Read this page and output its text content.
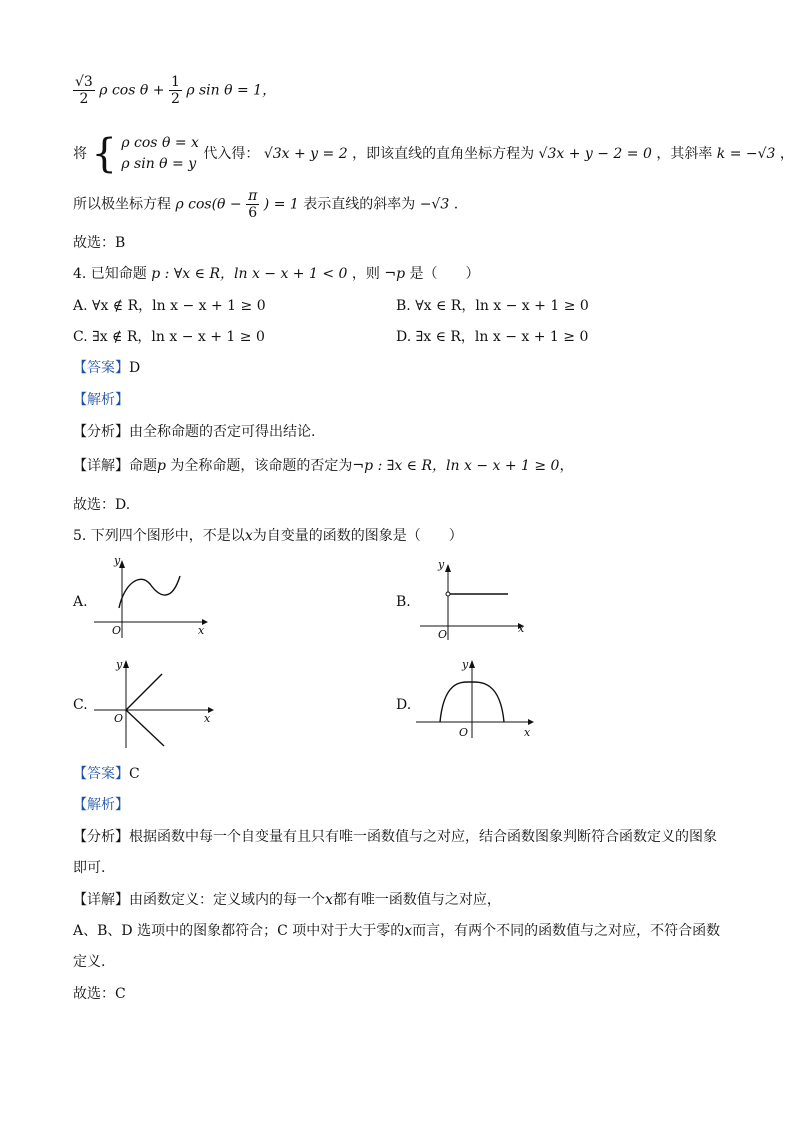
$\frac{√3}{2}$ ρ $\cos \theta + \frac{1}{2}$ ρ sin θ = 1，
将 { ρ cos θ = x
ρ sin θ = y
代入得： √3x + y = 2 ，即该直线的直角坐标方程为 √3x + y − 2 = 0 ，其斜率 k = −√3 ，
所以极坐标方程 ρ $\cos(\theta - \frac{\pi}{6}$ ) = 1 表示直线的斜率为 −√3 .
故选：B
4. 已知命题 p : ∀x ∈ R，ln x − x + 1 < 0 ，则 ¬p 是（　　）
A. ∀x ∉ R，ln x − x + 1 ≥ 0	B. ∀x ∈ R，ln x − x + 1 ≥ 0
C. ∃x ∉ R，ln x − x + 1 ≥ 0	D. ∃x ∈ R，ln x − x + 1 ≥ 0
【答案】D
【解析】
【分析】由全称命题的否定可得出结论.
【详解】命题p 为全称命题，该命题的否定为¬p : ∃x ∈ R，ln x − x + 1 ≥ 0，
故选：D.
5. 下列四个图形中，不是以x为自变量的函数的图象是（　　）
A.
y
O	x
B.
y
O	x
C.
y
O	x
D.
y
O	x
【答案】C
【解析】
【分析】根据函数中每一个自变量有且只有唯一函数值与之对应，结合函数图象判断符合函数定义的图象
即可.
【详解】由函数定义：定义域内的每一个x都有唯一函数值与之对应，
A、B、D 选项中的图象都符合；C 项中对于大于零的x而言，有两个不同的函数值与之对应，不符合函数
定义.
故选：C
